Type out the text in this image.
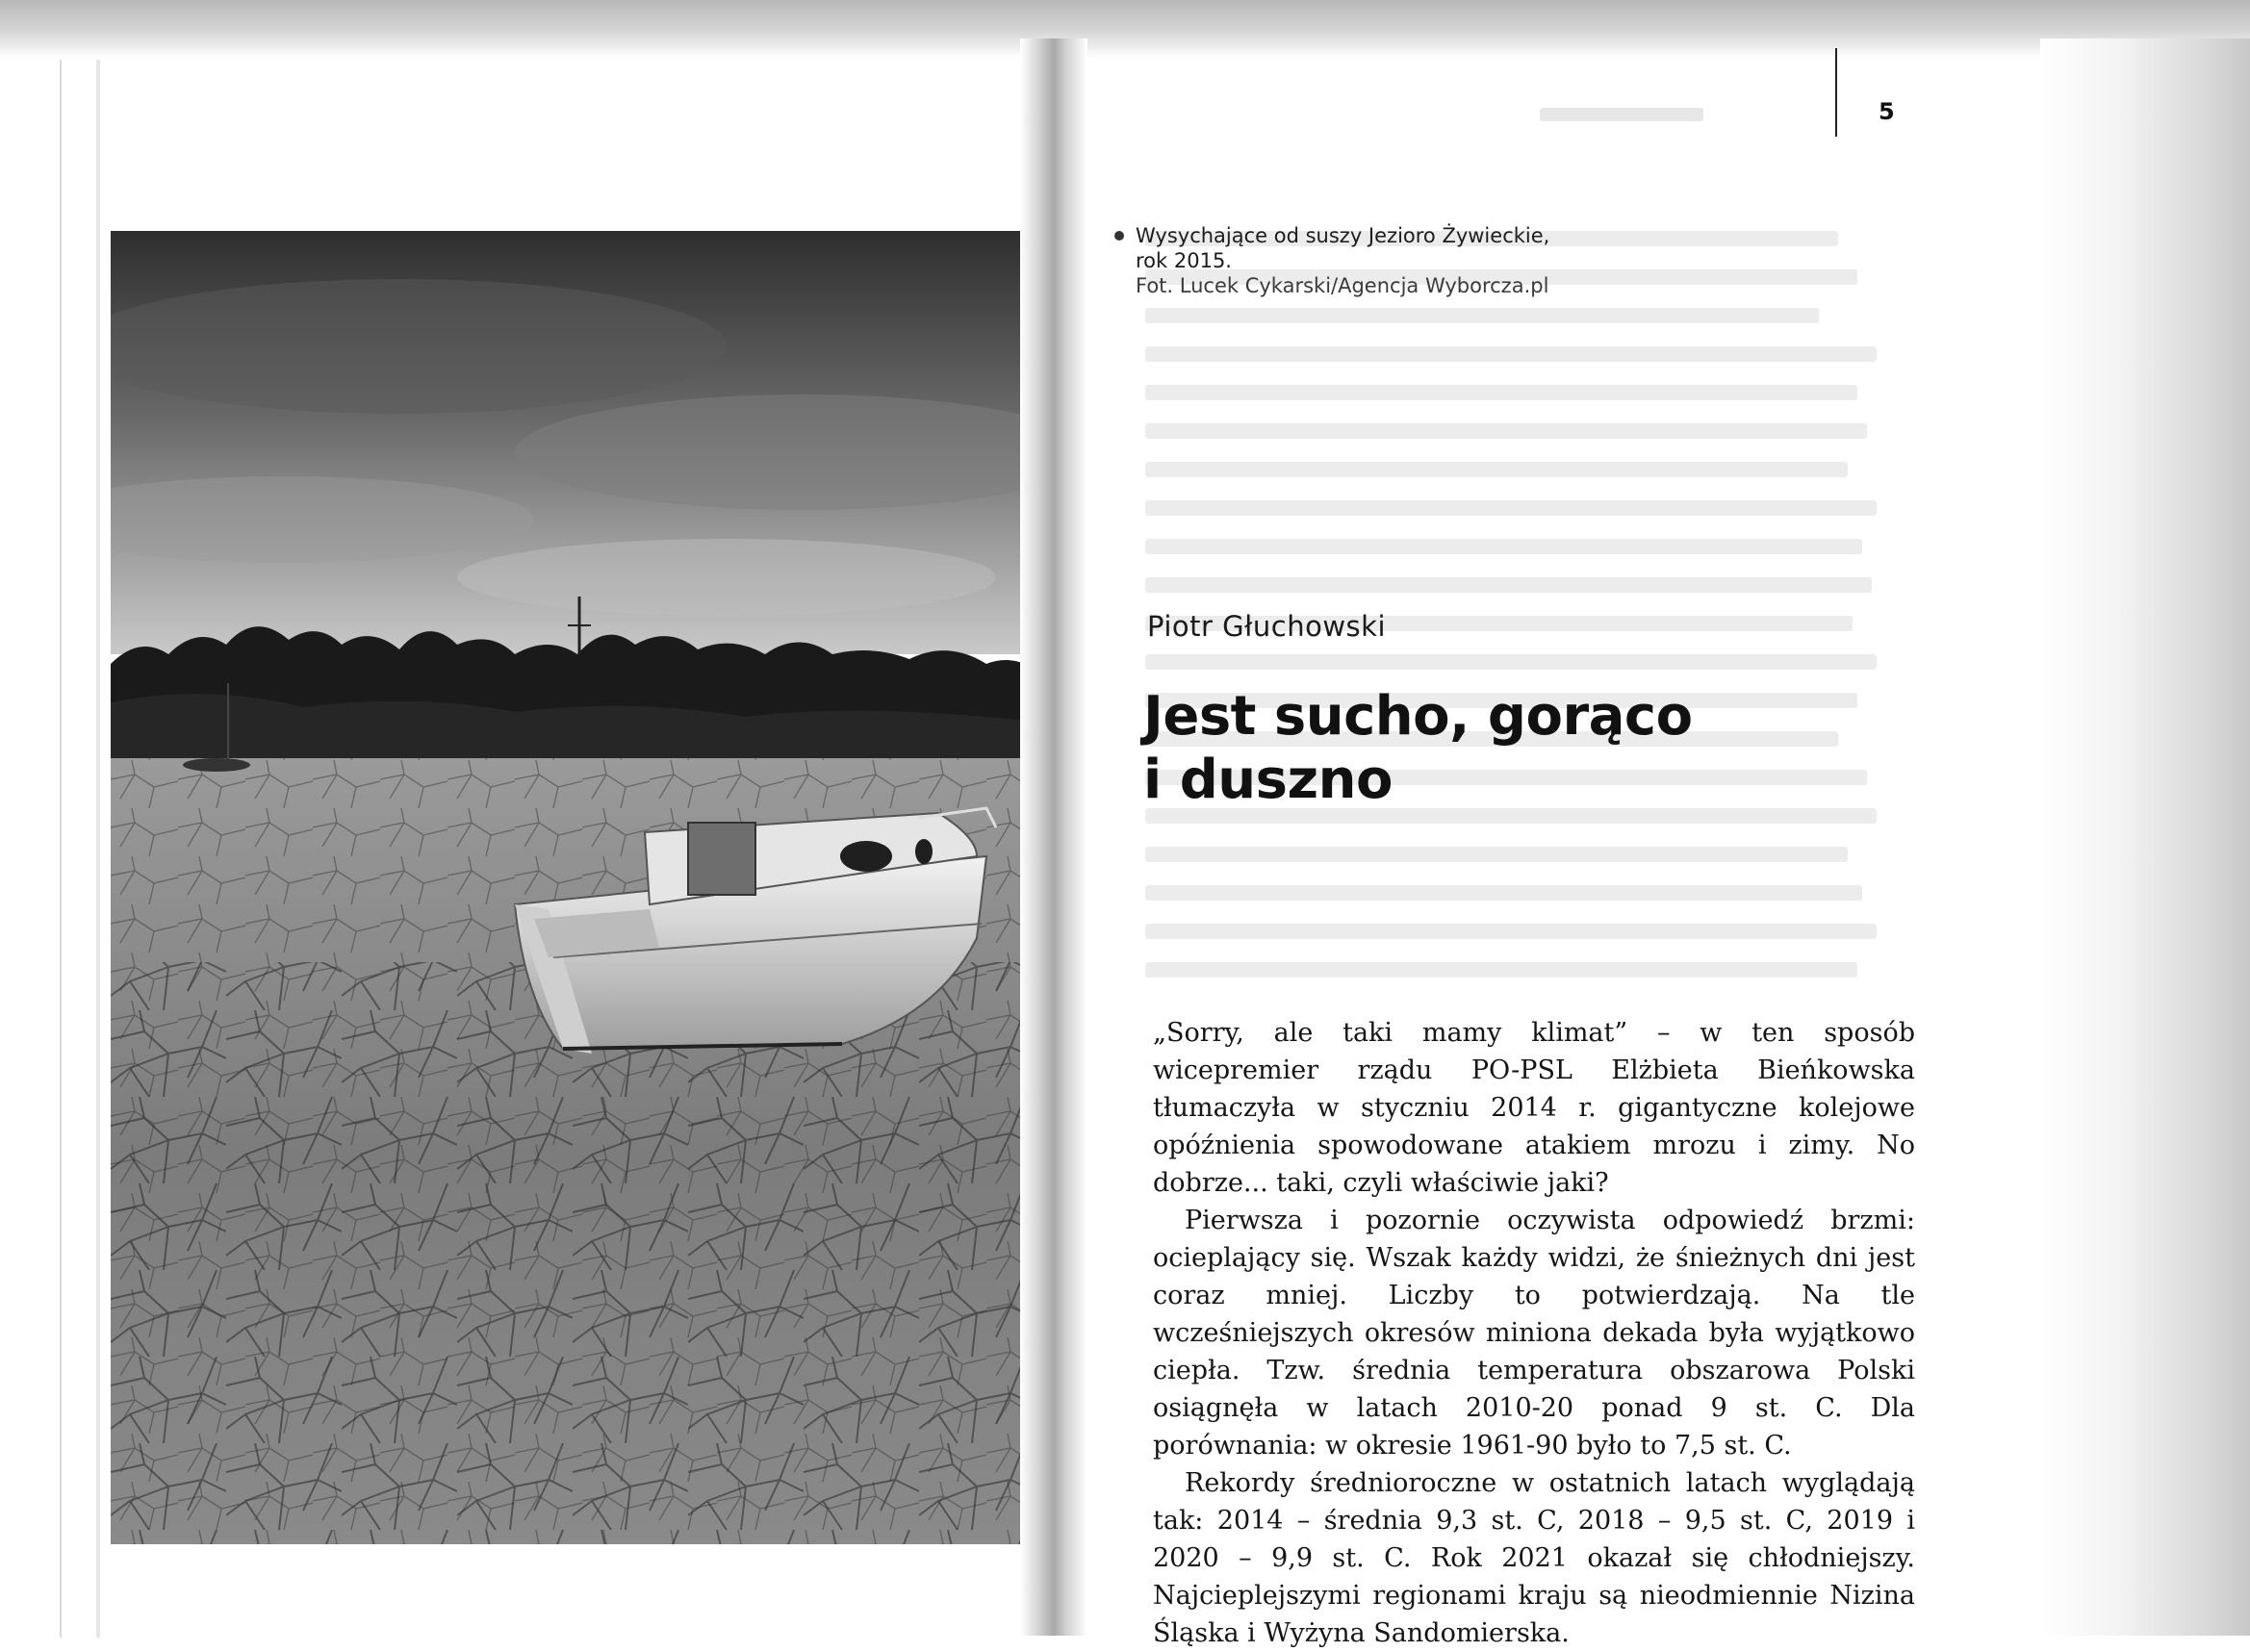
5
Wysychające od suszy Jezioro Żywieckie,
rok 2015.
Fot. Lucek Cykarski/Agencja Wyborcza.pl
Piotr Głuchowski
Jest sucho, gorąco
i duszno

„Sorry, ale taki mamy klimat” – w ten sposób wicepremier rządu PO-PSL Elżbieta Bieńkowska tłumaczyła w styczniu 2014 r. gigantyczne kolejowe opóźnienia spowodowane atakiem mrozu i zimy. No dobrze... taki, czyli właściwie jaki?

Pierwsza i pozornie oczywista odpowiedź brzmi: ocieplający się. Wszak każdy widzi, że śnieżnych dni jest coraz mniej. Liczby to potwierdzają. Na tle wcześniejszych okresów miniona dekada była wyjątkowo ciepła. Tzw. średnia temperatura obszarowa Polski osiągnęła w latach 2010-20 ponad 9 st. C. Dla porównania: w okresie 1961-90 było to 7,5 st. C.

Rekordy średnioroczne w ostatnich latach wyglądają tak: 2014 – średnia 9,3 st. C, 2018 – 9,5 st. C, 2019 i 2020 – 9,9 st. C. Rok 2021 okazał się chłodniejszy. Najcieplejszymi regionami kraju są nieodmiennie Nizina Śląska i Wyżyna Sandomierska.
